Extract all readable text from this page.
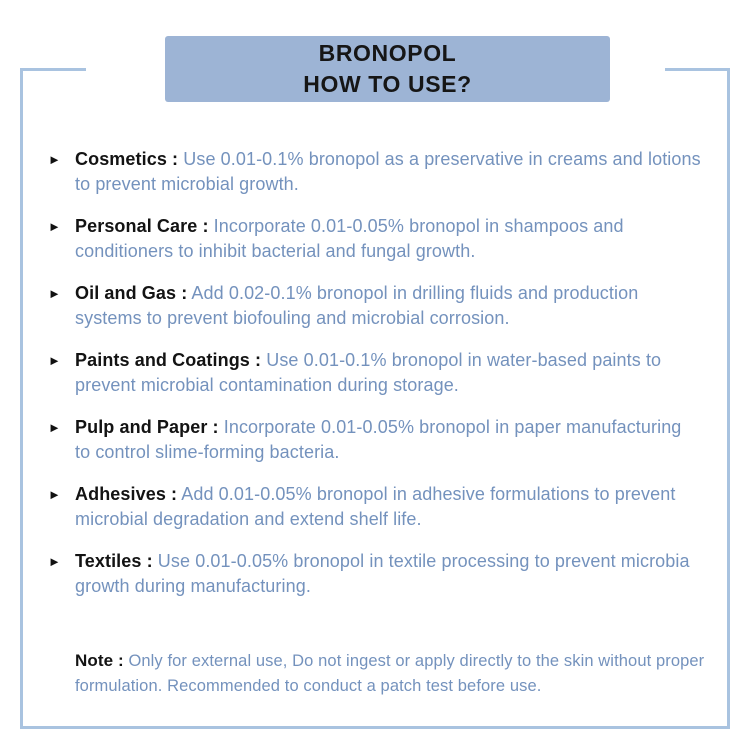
BRONOPOL
HOW TO USE?
► Cosmetics : Use 0.01-0.1% bronopol as a preservative in creams and lotions
to prevent microbial growth.
► Personal Care : Incorporate 0.01-0.05% bronopol in shampoos and
conditioners to inhibit bacterial and fungal growth.
► Oil and Gas : Add 0.02-0.1% bronopol in drilling fluids and production
systems to prevent biofouling and microbial corrosion.
► Paints and Coatings : Use 0.01-0.1% bronopol in water-based paints to
prevent microbial contamination during storage.
► Pulp and Paper : Incorporate 0.01-0.05% bronopol in paper manufacturing
to control slime-forming bacteria.
► Adhesives : Add 0.01-0.05% bronopol in adhesive formulations to prevent
microbial degradation and extend shelf life.
► Textiles : Use 0.01-0.05% bronopol in textile processing to prevent microbia
growth during manufacturing.
Note : Only for external use, Do not ingest or apply directly to the skin without proper
formulation. Recommended to conduct a patch test before use.
